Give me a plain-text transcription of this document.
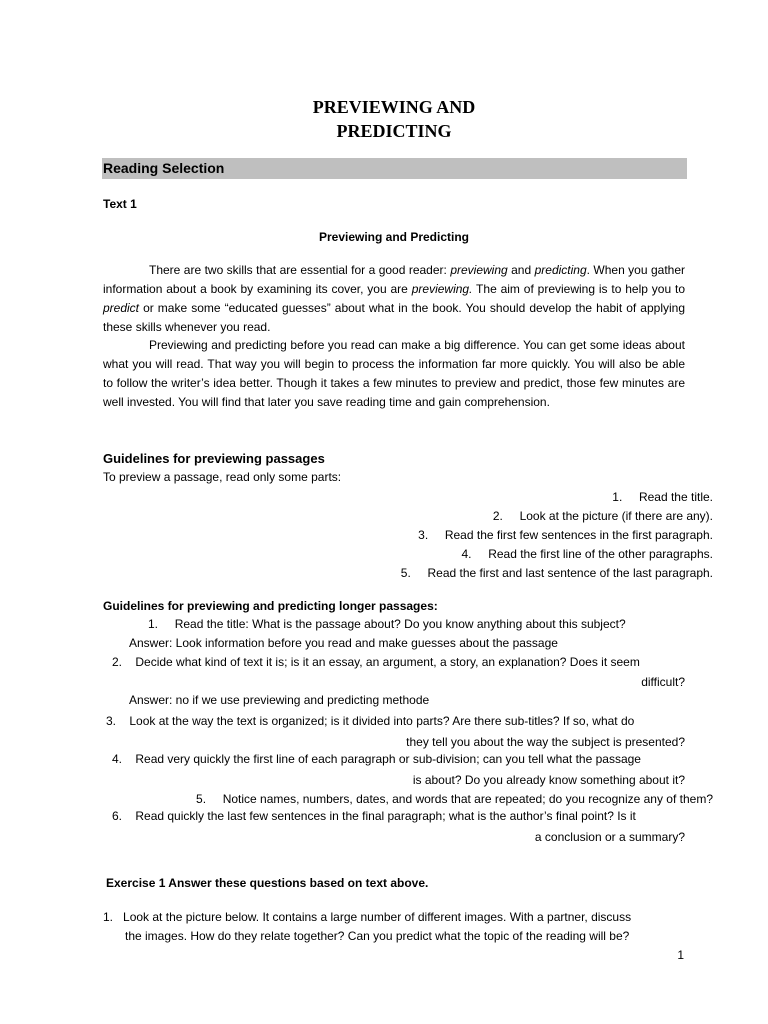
PREVIEWING AND
PREDICTING
Reading Selection
Text 1
Previewing and Predicting
There are two skills that are essential for a good reader: previewing and predicting. When you gather information about a book by examining its cover, you are previewing. The aim of previewing is to help you to predict or make some “educated guesses” about what in the book. You should develop the habit of applying these skills whenever you read.
Previewing and predicting before you read can make a big difference. You can get some ideas about what you will read. That way you will begin to process the information far more quickly. You will also be able to follow the writer’s idea better. Though it takes a few minutes to preview and predict, those few minutes are well invested. You will find that later you save reading time and gain comprehension.
Guidelines for previewing passages
To preview a passage, read only some parts:
1. Read the title.
2. Look at the picture (if there are any).
3. Read the first few sentences in the first paragraph.
4. Read the first line of the other paragraphs.
5. Read the first and last sentence of the last paragraph.
Guidelines for previewing and predicting longer passages:
1. Read the title: What is the passage about? Do you know anything about this subject?
Answer: Look information before you read and make guesses about the passage
2. Decide what kind of text it is; is it an essay, an argument, a story, an explanation? Does it seem
difficult?
Answer: no if we use previewing and predicting methode
3. Look at the way the text is organized; is it divided into parts? Are there sub-titles? If so, what do
they tell you about the way the subject is presented?
4. Read very quickly the first line of each paragraph or sub-division; can you tell what the passage
is about? Do you already know something about it?
5. Notice names, numbers, dates, and words that are repeated; do you recognize any of them?
6. Read quickly the last few sentences in the final paragraph; what is the author’s final point? Is it
a conclusion or a summary?
Exercise 1 Answer these questions based on text above.
1. Look at the picture below. It contains a large number of different images. With a partner, discuss
the images. How do they relate together? Can you predict what the topic of the reading will be?
1
